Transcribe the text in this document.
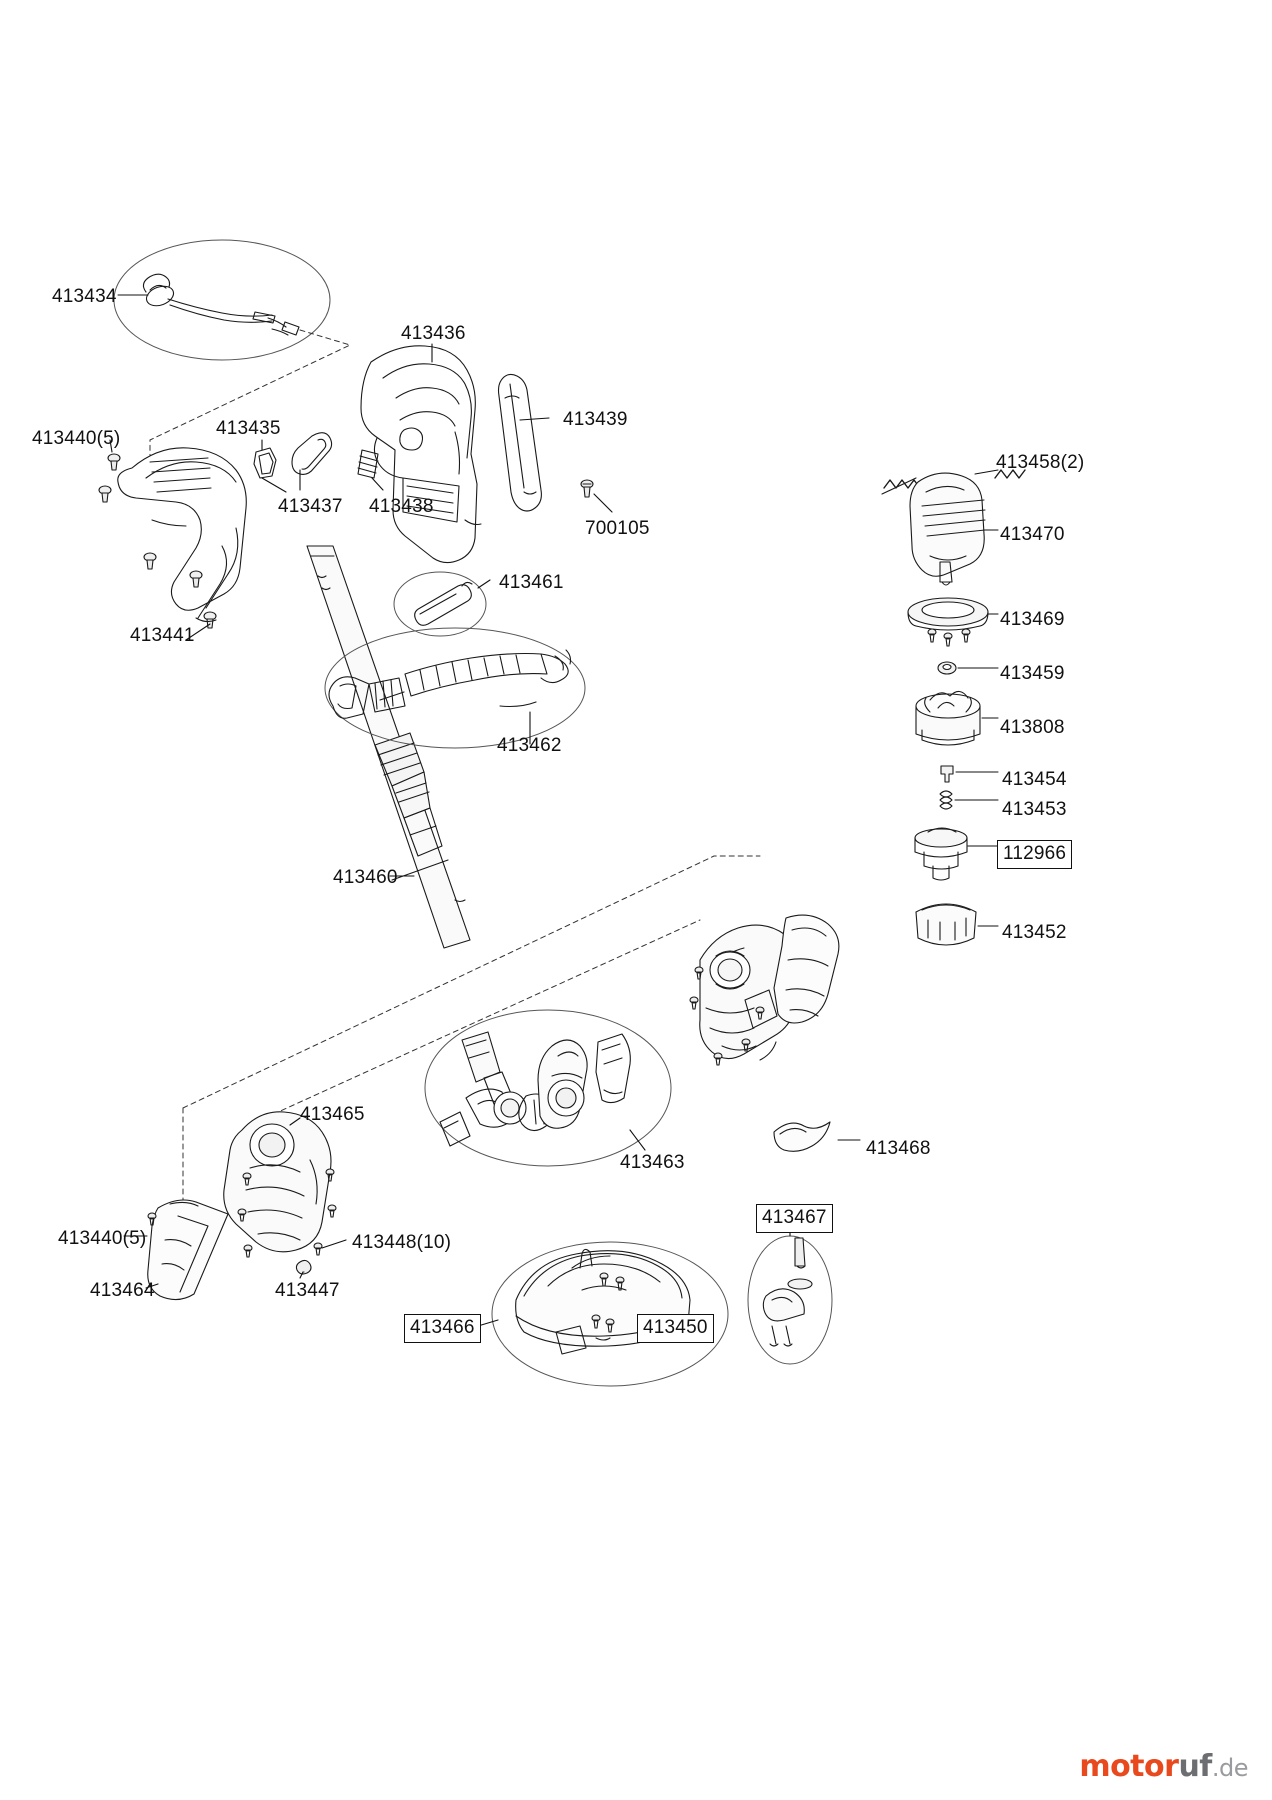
413434
413436
413439
413435
413440(5)
413437 413438
700105
413458(2)
413470
413469
413459
413808
413454
413453
112966
413452
413461
413441
413462
413460
413465
413463
413468
413467
413440(5)	413448(10)
413464	413447
413466	413450
motoruf.de
